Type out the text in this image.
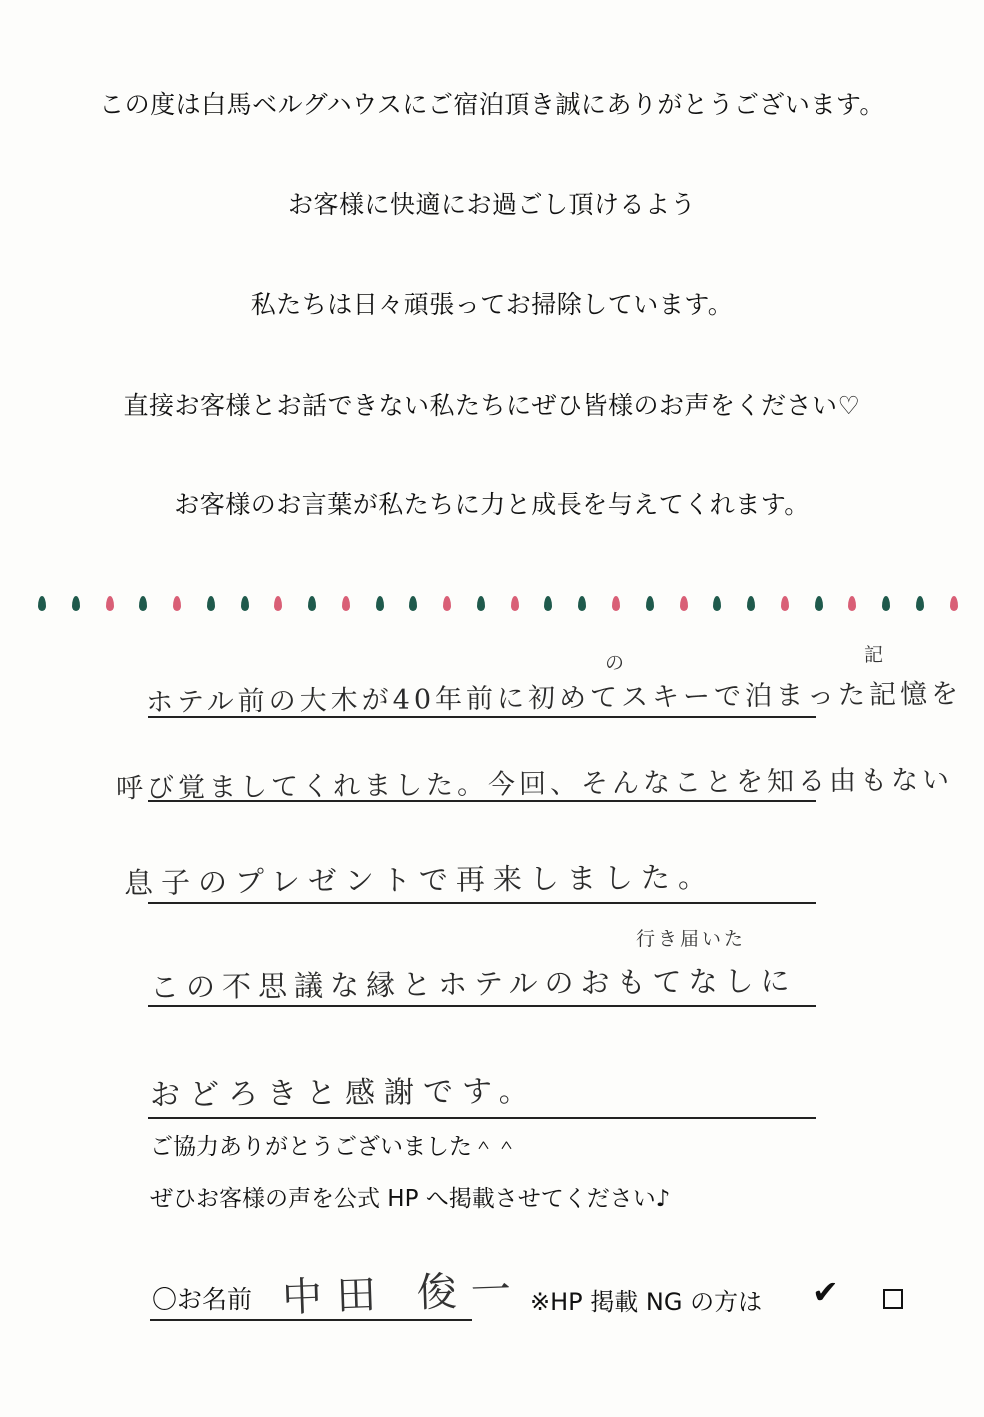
この度は白馬ベルグハウスにご宿泊頂き誠にありがとうございます。
お客様に快適にお過ごし頂けるよう
私たちは日々頑張ってお掃除しています。
直接お客様とお話できない私たちにぜひ皆様のお声をください♡
お客様のお言葉が私たちに力と成長を与えてくれます。
の	記
ホテル前の大木が40年前に初めてスキーで泊まった記憶を
呼び覚ましてくれました。今回、そんなことを知る由もない
息子のプレゼントで再来しました。
行き届いた
この不思議な縁とホテルのおもてなしに
おどろきと感謝です。
ご協力ありがとうございました＾＾
ぜひお客様の声を公式 HP へ掲載させてください♪
〇お名前 中田 俊一 ※HP 掲載 NG の方は ✔
